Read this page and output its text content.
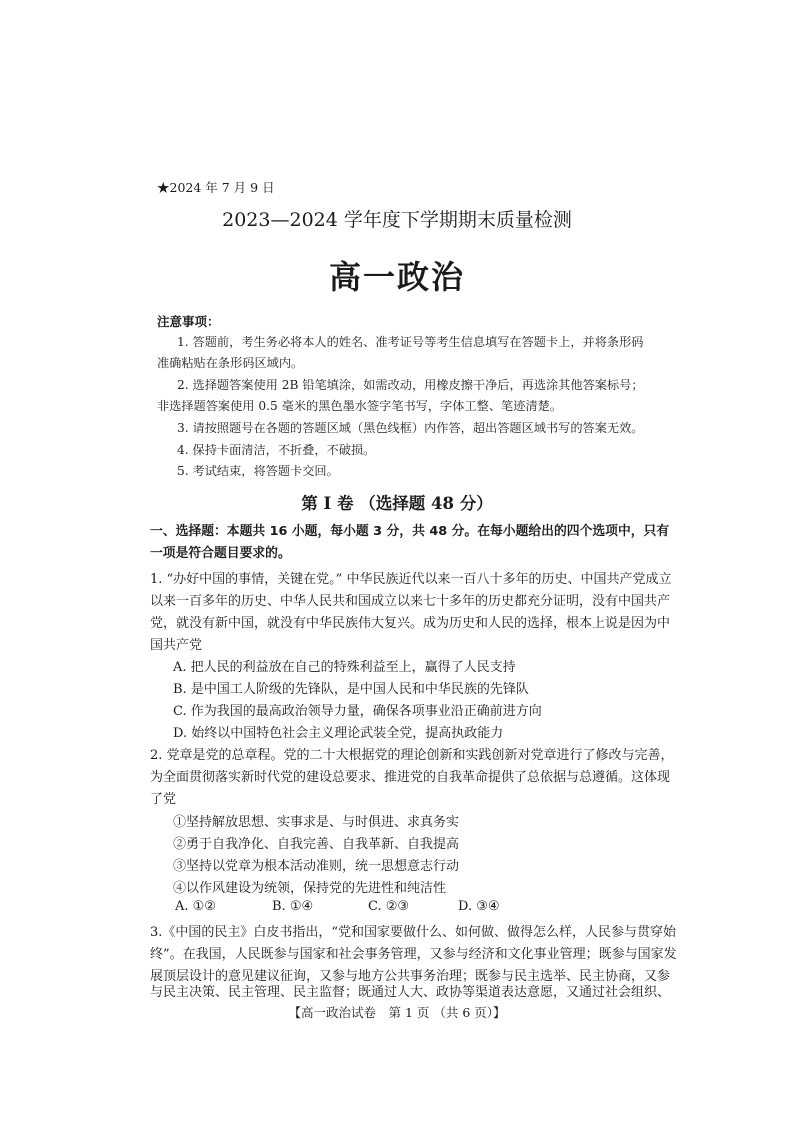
★2024 年 7 月 9 日

2023—2024 学年度下学期期末质量检测

高一政治

注意事项：

1. 答题前，考生务必将本人的姓名、准考证号等考生信息填写在答题卡上，并将条形码

准确粘贴在条形码区域内。

2. 选择题答案使用 2B 铅笔填涂，如需改动，用橡皮擦干净后，再选涂其他答案标号；

非选择题答案使用 0.5 毫米的黑色墨水签字笔书写，字体工整、笔迹清楚。

3. 请按照题号在各题的答题区域（黑色线框）内作答，超出答题区域书写的答案无效。

4. 保持卡面清洁，不折叠，不破损。

5. 考试结束，将答题卡交回。

第 I 卷 （选择题 48 分）

一、选择题：本题共 16 小题，每小题 3 分，共 48 分。在每小题给出的四个选项中，只有

一项是符合题目要求的。

1. “办好中国的事情，关键在党。” 中华民族近代以来一百八十多年的历史、中国共产党成立

以来一百多年的历史、中华人民共和国成立以来七十多年的历史都充分证明，没有中国共产

党，就没有新中国，就没有中华民族伟大复兴。成为历史和人民的选择，根本上说是因为中

国共产党

A. 把人民的利益放在自己的特殊利益至上，赢得了人民支持

B. 是中国工人阶级的先锋队，是中国人民和中华民族的先锋队

C. 作为我国的最高政治领导力量，确保各项事业沿正确前进方向

D. 始终以中国特色社会主义理论武装全党，提高执政能力

2. 党章是党的总章程。党的二十大根据党的理论创新和实践创新对党章进行了修改与完善，

为全面贯彻落实新时代党的建设总要求、推进党的自我革命提供了总依据与总遵循。这体现

了党

①坚持解放思想、实事求是、与时俱进、求真务实

②勇于自我净化、自我完善、自我革新、自我提高

③坚持以党章为根本活动准则，统一思想意志行动

④以作风建设为统领，保持党的先进性和纯洁性

A. ①②	B. ①④	C. ②③	D. ③④

3.《中国的民主》白皮书指出，“党和国家要做什么、如何做、做得怎么样，人民参与贯穿始

终”。在我国，人民既参与国家和社会事务管理，又参与经济和文化事业管理；既参与国家发

展顶层设计的意见建议征询，又参与地方公共事务治理；既参与民主选举、民主协商，又参

【高一政治试卷　第 1 页 （共 6 页）】

与民主决策、民主管理、民主监督；既通过人大、政协等渠道表达意愿，又通过社会组织、
